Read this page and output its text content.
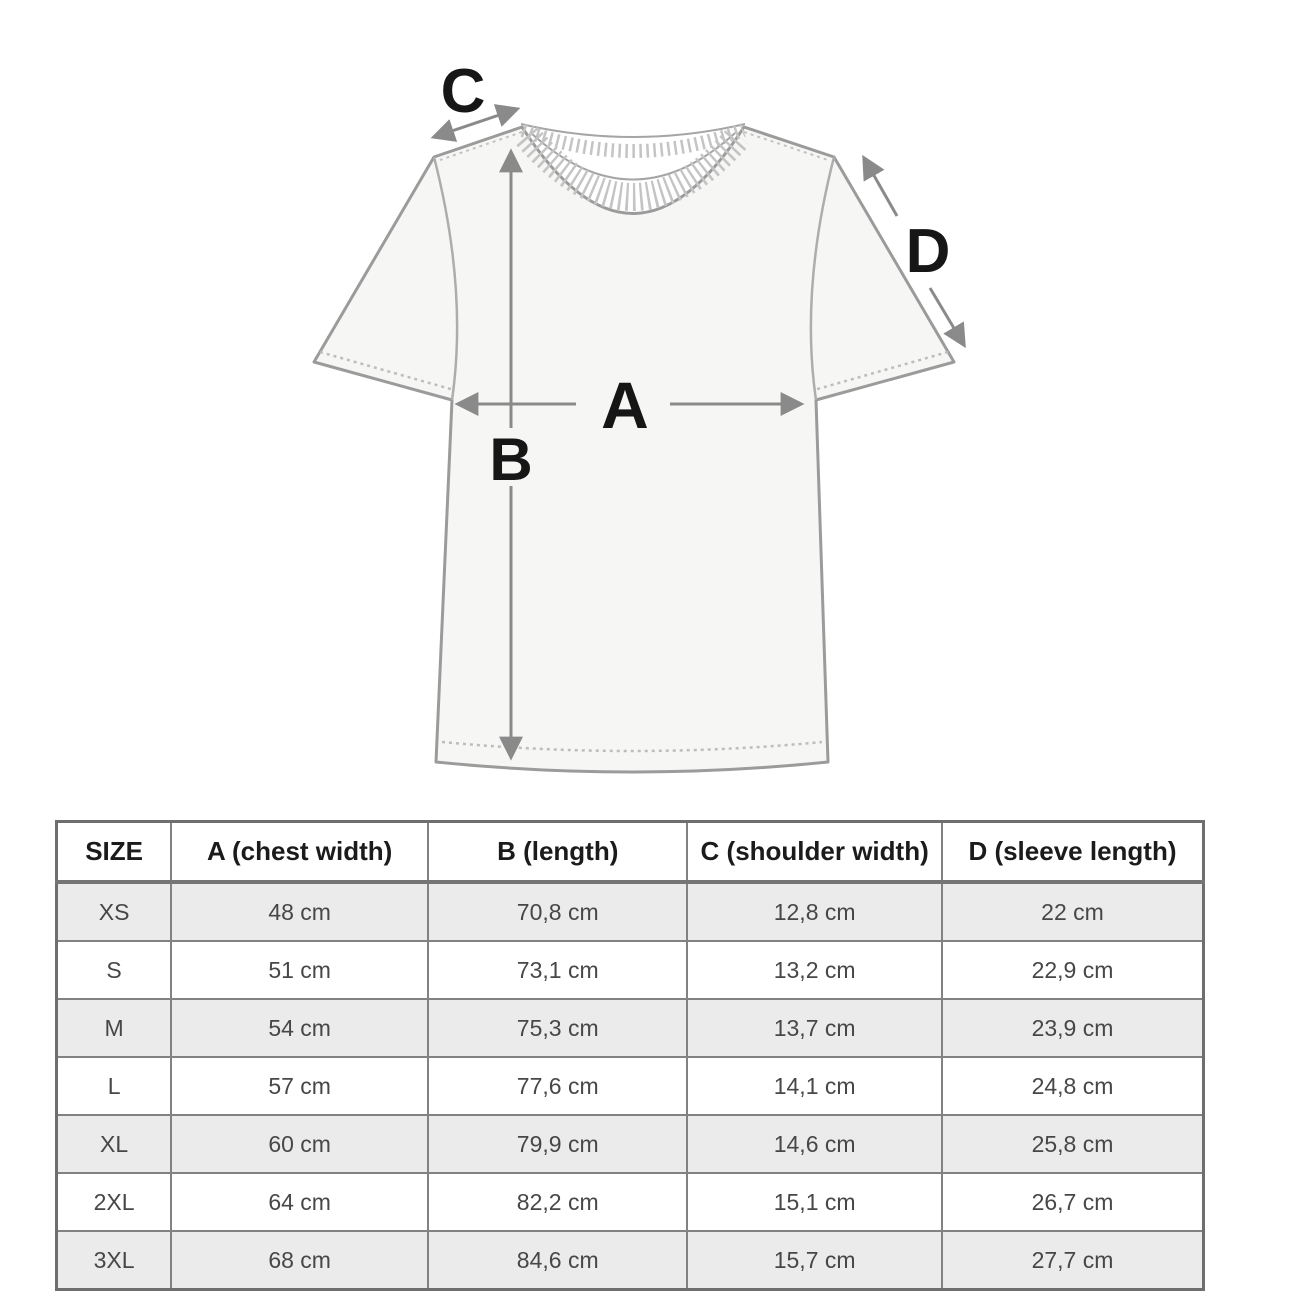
C
D
A
B
SIZE	A (chest width)	B (length)	C (shoulder width)	D (sleeve length)
XS	48 cm	70,8 cm	12,8 cm	22 cm
S	51 cm	73,1 cm	13,2 cm	22,9 cm
M	54 cm	75,3 cm	13,7 cm	23,9 cm
L	57 cm	77,6 cm	14,1 cm	24,8 cm
XL	60 cm	79,9 cm	14,6 cm	25,8 cm
2XL	64 cm	82,2 cm	15,1 cm	26,7 cm
3XL	68 cm	84,6 cm	15,7 cm	27,7 cm
